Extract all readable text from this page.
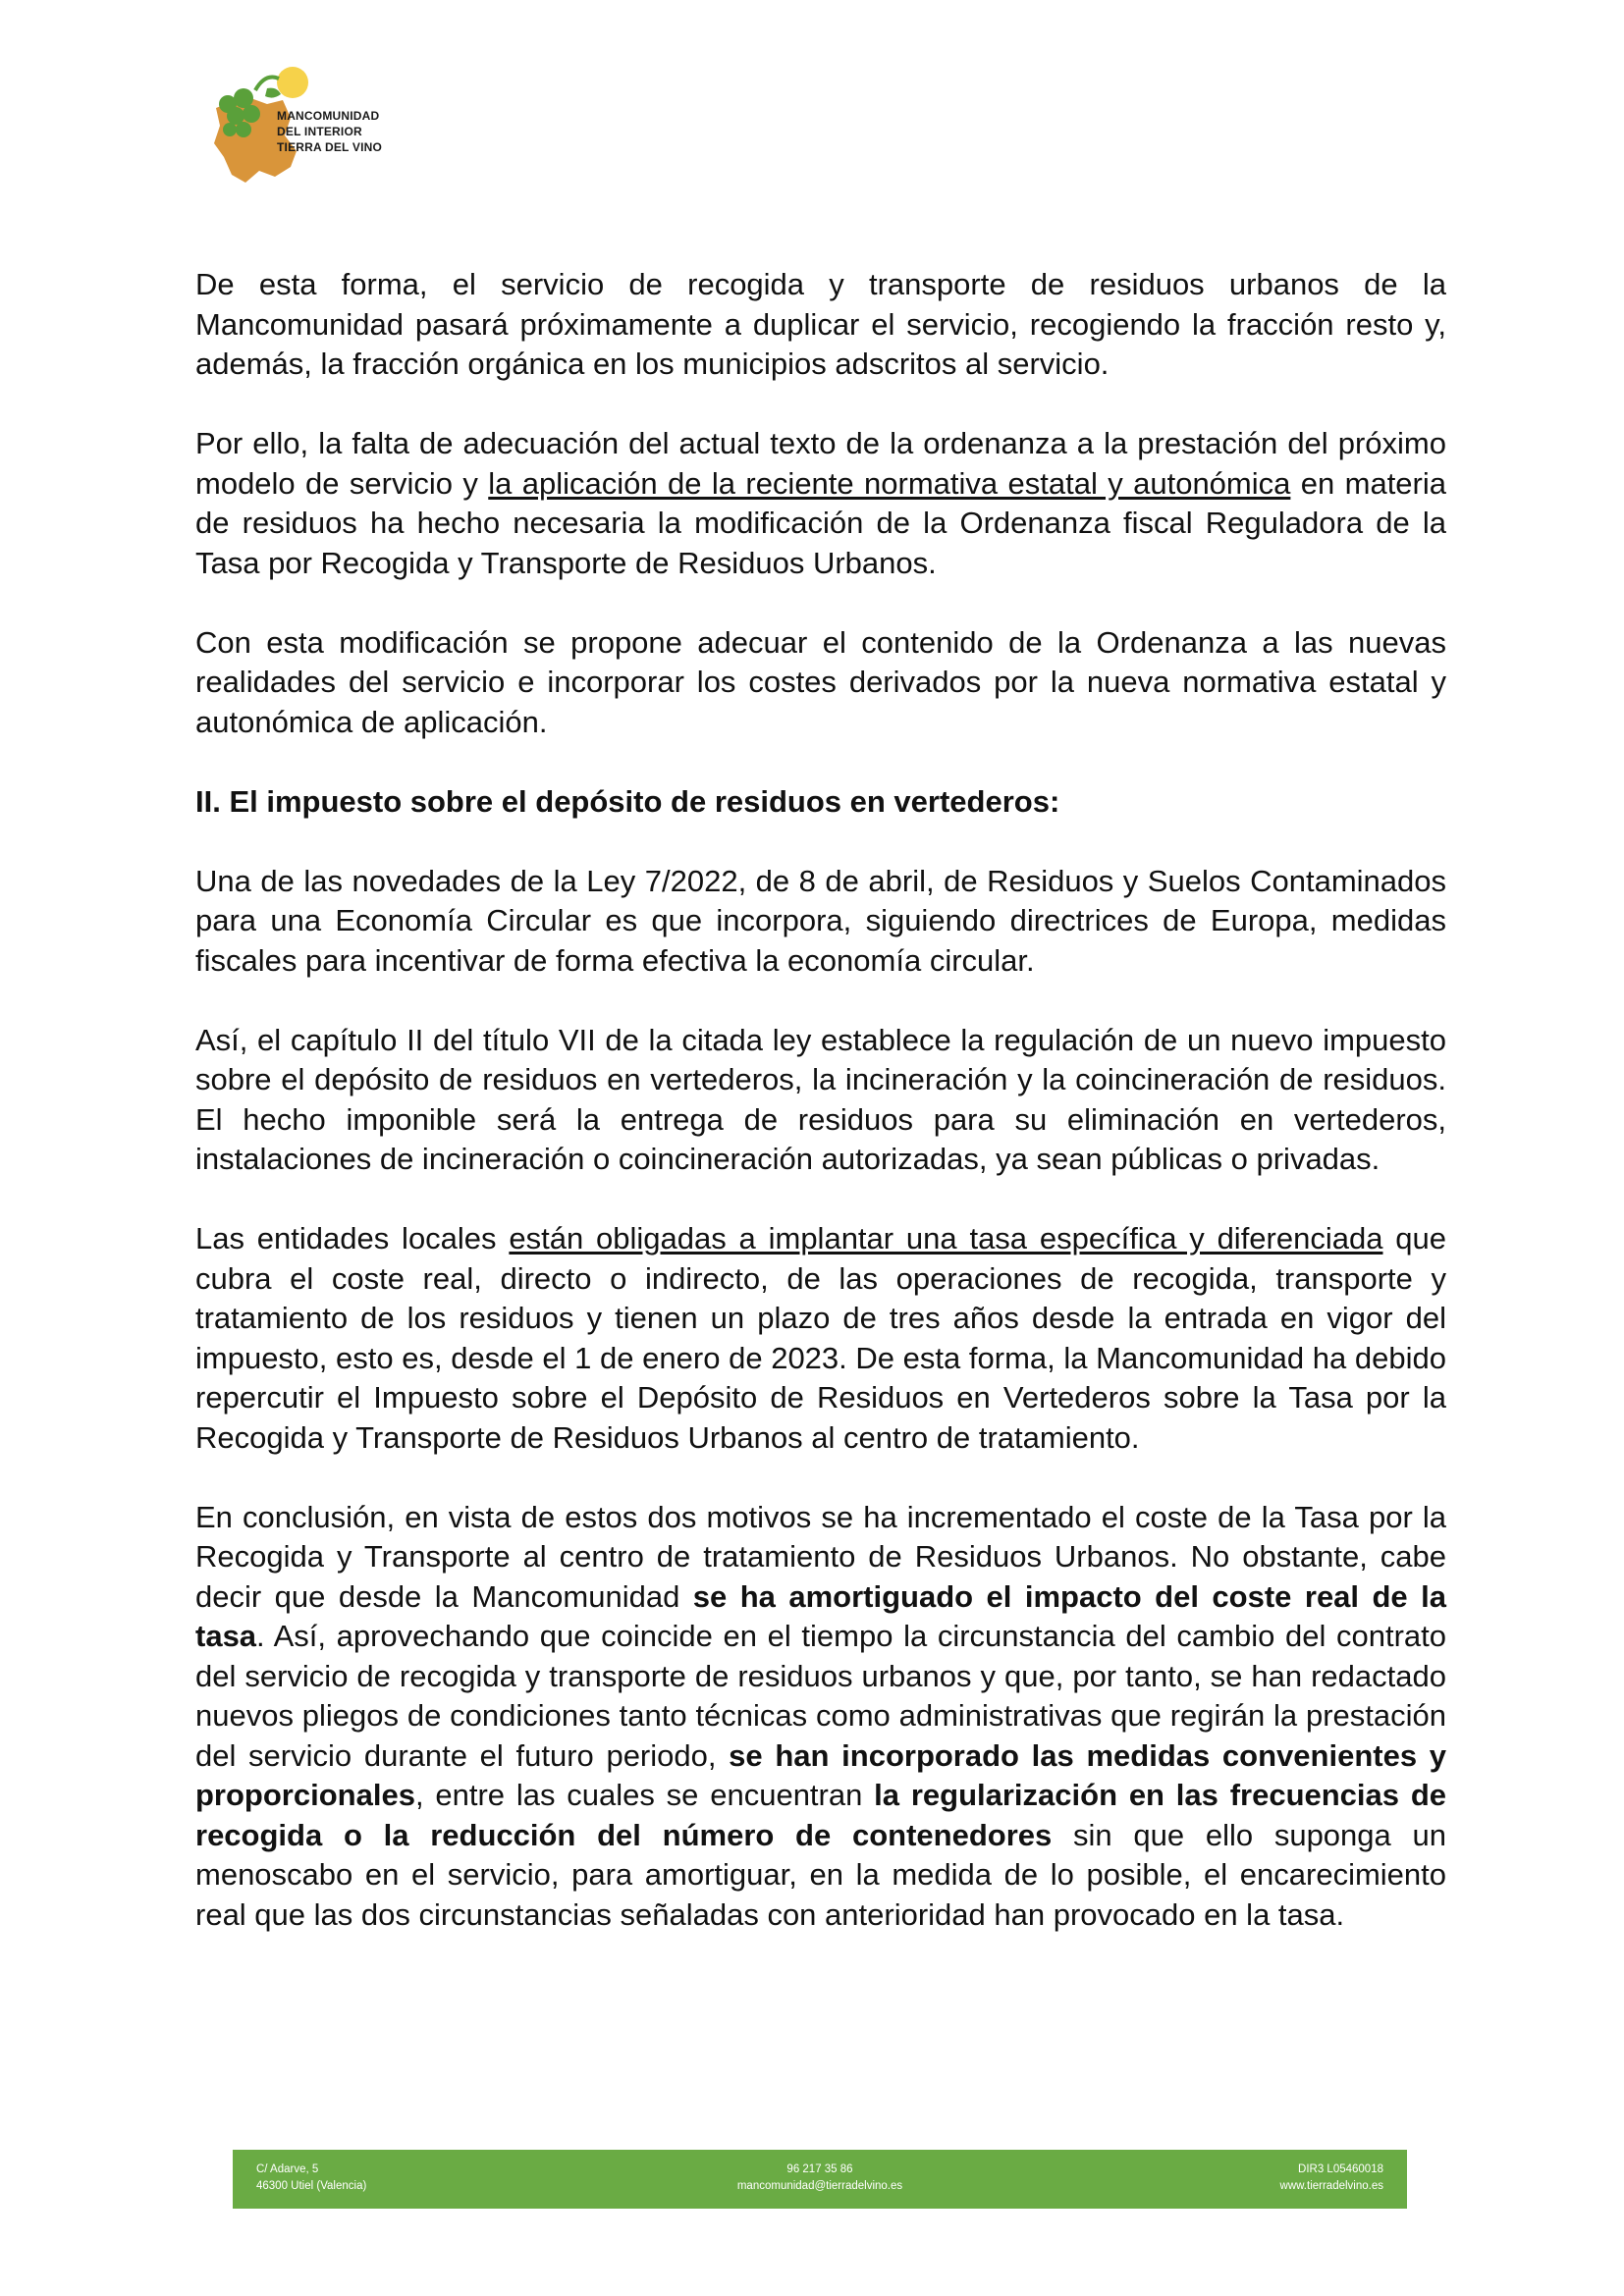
MANCOMUNIDAD
DEL INTERIOR
TIERRA DEL VINO

De esta forma, el servicio de recogida y transporte de residuos urbanos de la Mancomunidad pasará próximamente a duplicar el servicio, recogiendo la fracción resto y, además, la fracción orgánica en los municipios adscritos al servicio.

Por ello, la falta de adecuación del actual texto de la ordenanza a la prestación del próximo modelo de servicio y la aplicación de la reciente normativa estatal y autonómica en materia de residuos ha hecho necesaria la modificación de la Ordenanza fiscal Reguladora de la Tasa por Recogida y Transporte de Residuos Urbanos.

Con esta modificación se propone adecuar el contenido de la Ordenanza a las nuevas realidades del servicio e incorporar los costes derivados por la nueva normativa estatal y autonómica de aplicación.

II. El impuesto sobre el depósito de residuos en vertederos:

Una de las novedades de la Ley 7/2022, de 8 de abril, de Residuos y Suelos Contaminados para una Economía Circular es que incorpora, siguiendo directrices de Europa, medidas fiscales para incentivar de forma efectiva la economía circular.

Así, el capítulo II del título VII de la citada ley establece la regulación de un nuevo impuesto sobre el depósito de residuos en vertederos, la incineración y la coincineración de residuos. El hecho imponible será la entrega de residuos para su eliminación en vertederos, instalaciones de incineración o coincineración autorizadas, ya sean públicas o privadas.

Las entidades locales están obligadas a implantar una tasa específica y diferenciada que cubra el coste real, directo o indirecto, de las operaciones de recogida, transporte y tratamiento de los residuos y tienen un plazo de tres años desde la entrada en vigor del impuesto, esto es, desde el 1 de enero de 2023. De esta forma, la Mancomunidad ha debido repercutir el Impuesto sobre el Depósito de Residuos en Vertederos sobre la Tasa por la Recogida y Transporte de Residuos Urbanos al centro de tratamiento.

En conclusión, en vista de estos dos motivos se ha incrementado el coste de la Tasa por la Recogida y Transporte al centro de tratamiento de Residuos Urbanos. No obstante, cabe decir que desde la Mancomunidad se ha amortiguado el impacto del coste real de la tasa. Así, aprovechando que coincide en el tiempo la circunstancia del cambio del contrato del servicio de recogida y transporte de residuos urbanos y que, por tanto, se han redactado nuevos pliegos de condiciones tanto técnicas como administrativas que regirán la prestación del servicio durante el futuro periodo, se han incorporado las medidas convenientes y proporcionales, entre las cuales se encuentran la regularización en las frecuencias de recogida o la reducción del número de contenedores sin que ello suponga un menoscabo en el servicio, para amortiguar, en la medida de lo posible, el encarecimiento real que las dos circunstancias señaladas con anterioridad han provocado en la tasa.

C/ Adarve, 5
46300 Utiel (Valencia)
96 217 35 86
mancomunidad@tierradelvino.es
DIR3 L05460018
www.tierradelvino.es
